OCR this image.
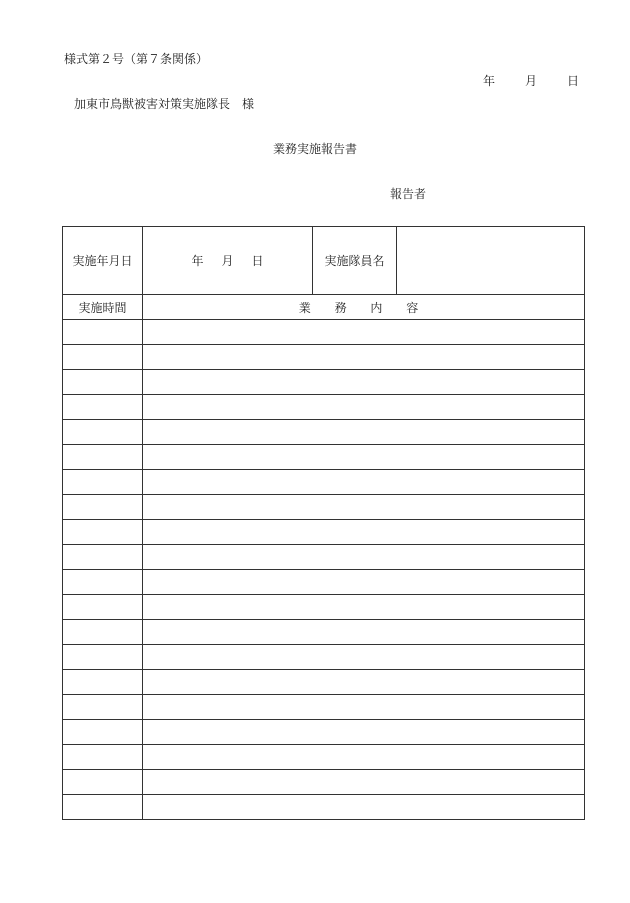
様式第２号（第７条関係）
年	月	日
加東市鳥獣被害対策実施隊長 様
業務実施報告書
報告者
実施年月日	年 月 日	実施隊員名	
実施時間	業 務 内 容		
